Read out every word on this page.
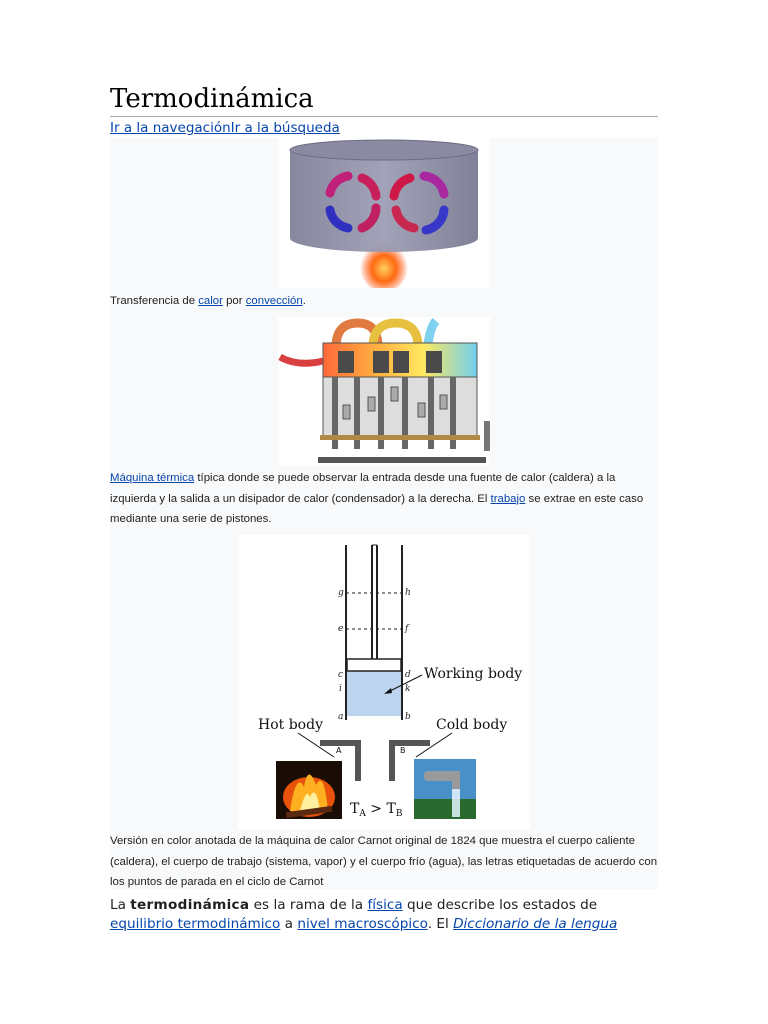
Termodinámica
Ir a la navegaciónIr a la búsqueda
Transferencia de calor por convección.
Máquina térmica típica donde se puede observar la entrada desde una fuente de calor (caldera) a la izquierda y la salida a un disipador de calor (condensador) a la derecha. El trabajo se extrae en este caso mediante una serie de pistones.
g	h
e	f
c	d
i	k
a	b
Working body
Hot body	Cold body
A	B
$T_A > T_B$
Versión en color anotada de la máquina de calor Carnot original de 1824 que muestra el cuerpo caliente (caldera), el cuerpo de trabajo (sistema, vapor) y el cuerpo frío (agua), las letras etiquetadas de acuerdo con los puntos de parada en el ciclo de Carnot
La termodinámica es la rama de la física que describe los estados de equilibrio termodinámico a nivel macroscópico. El Diccionario de la lengua
